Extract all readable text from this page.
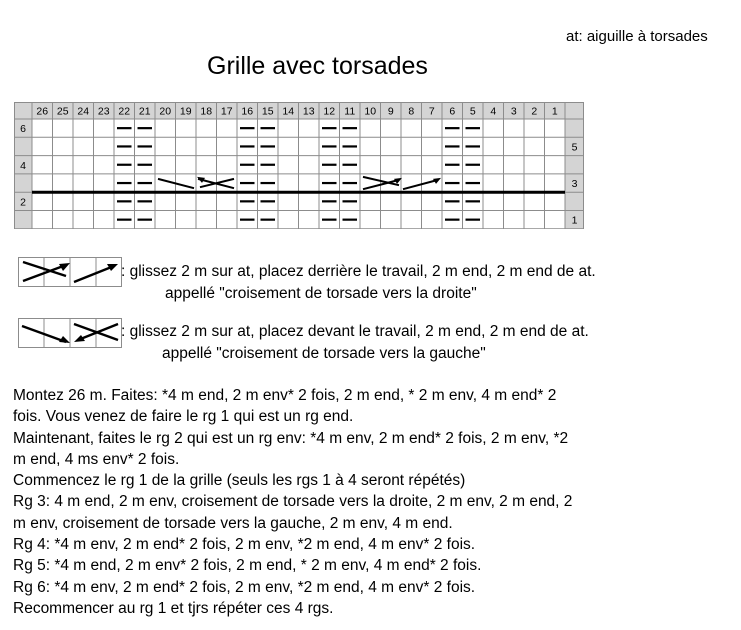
at: aiguille à torsades
Grille avec torsades
1
2
3
4
5
6
7
8
9
10
11
12
13
14
15
16
17
18
19
20
21
22
23
24
25
26
6
4
2
5
3
1
: glissez 2 m sur at, placez derrière le travail, 2 m end, 2 m end de at.
appellé "croisement de torsade vers la droite"
: glissez 2 m sur at, placez devant le travail, 2 m end, 2 m end de at.
appellé "croisement de torsade vers la gauche"
Montez 26 m. Faites: *4 m end, 2 m env* 2 fois, 2 m end, * 2 m env, 4 m end* 2
fois. Vous venez de faire le rg 1 qui est un rg end.
Maintenant, faites le rg 2 qui est un rg env: *4 m env, 2 m end* 2 fois, 2 m env, *2
m end, 4 ms env* 2 fois.
Commencez le rg 1 de la grille (seuls les rgs 1 à 4 seront répétés)
Rg 3: 4 m end, 2 m env, croisement de torsade vers la droite, 2 m env, 2 m end, 2
m env, croisement de torsade vers la gauche, 2 m env, 4 m end.
Rg 4: *4 m env, 2 m end* 2 fois, 2 m env, *2 m end, 4 m env* 2 fois.
Rg 5: *4 m end, 2 m env* 2 fois, 2 m end, * 2 m env, 4 m end* 2 fois.
Rg 6: *4 m env, 2 m end* 2 fois, 2 m env, *2 m end, 4 m env* 2 fois.
Recommencer au rg 1 et tjrs répéter ces 4 rgs.
